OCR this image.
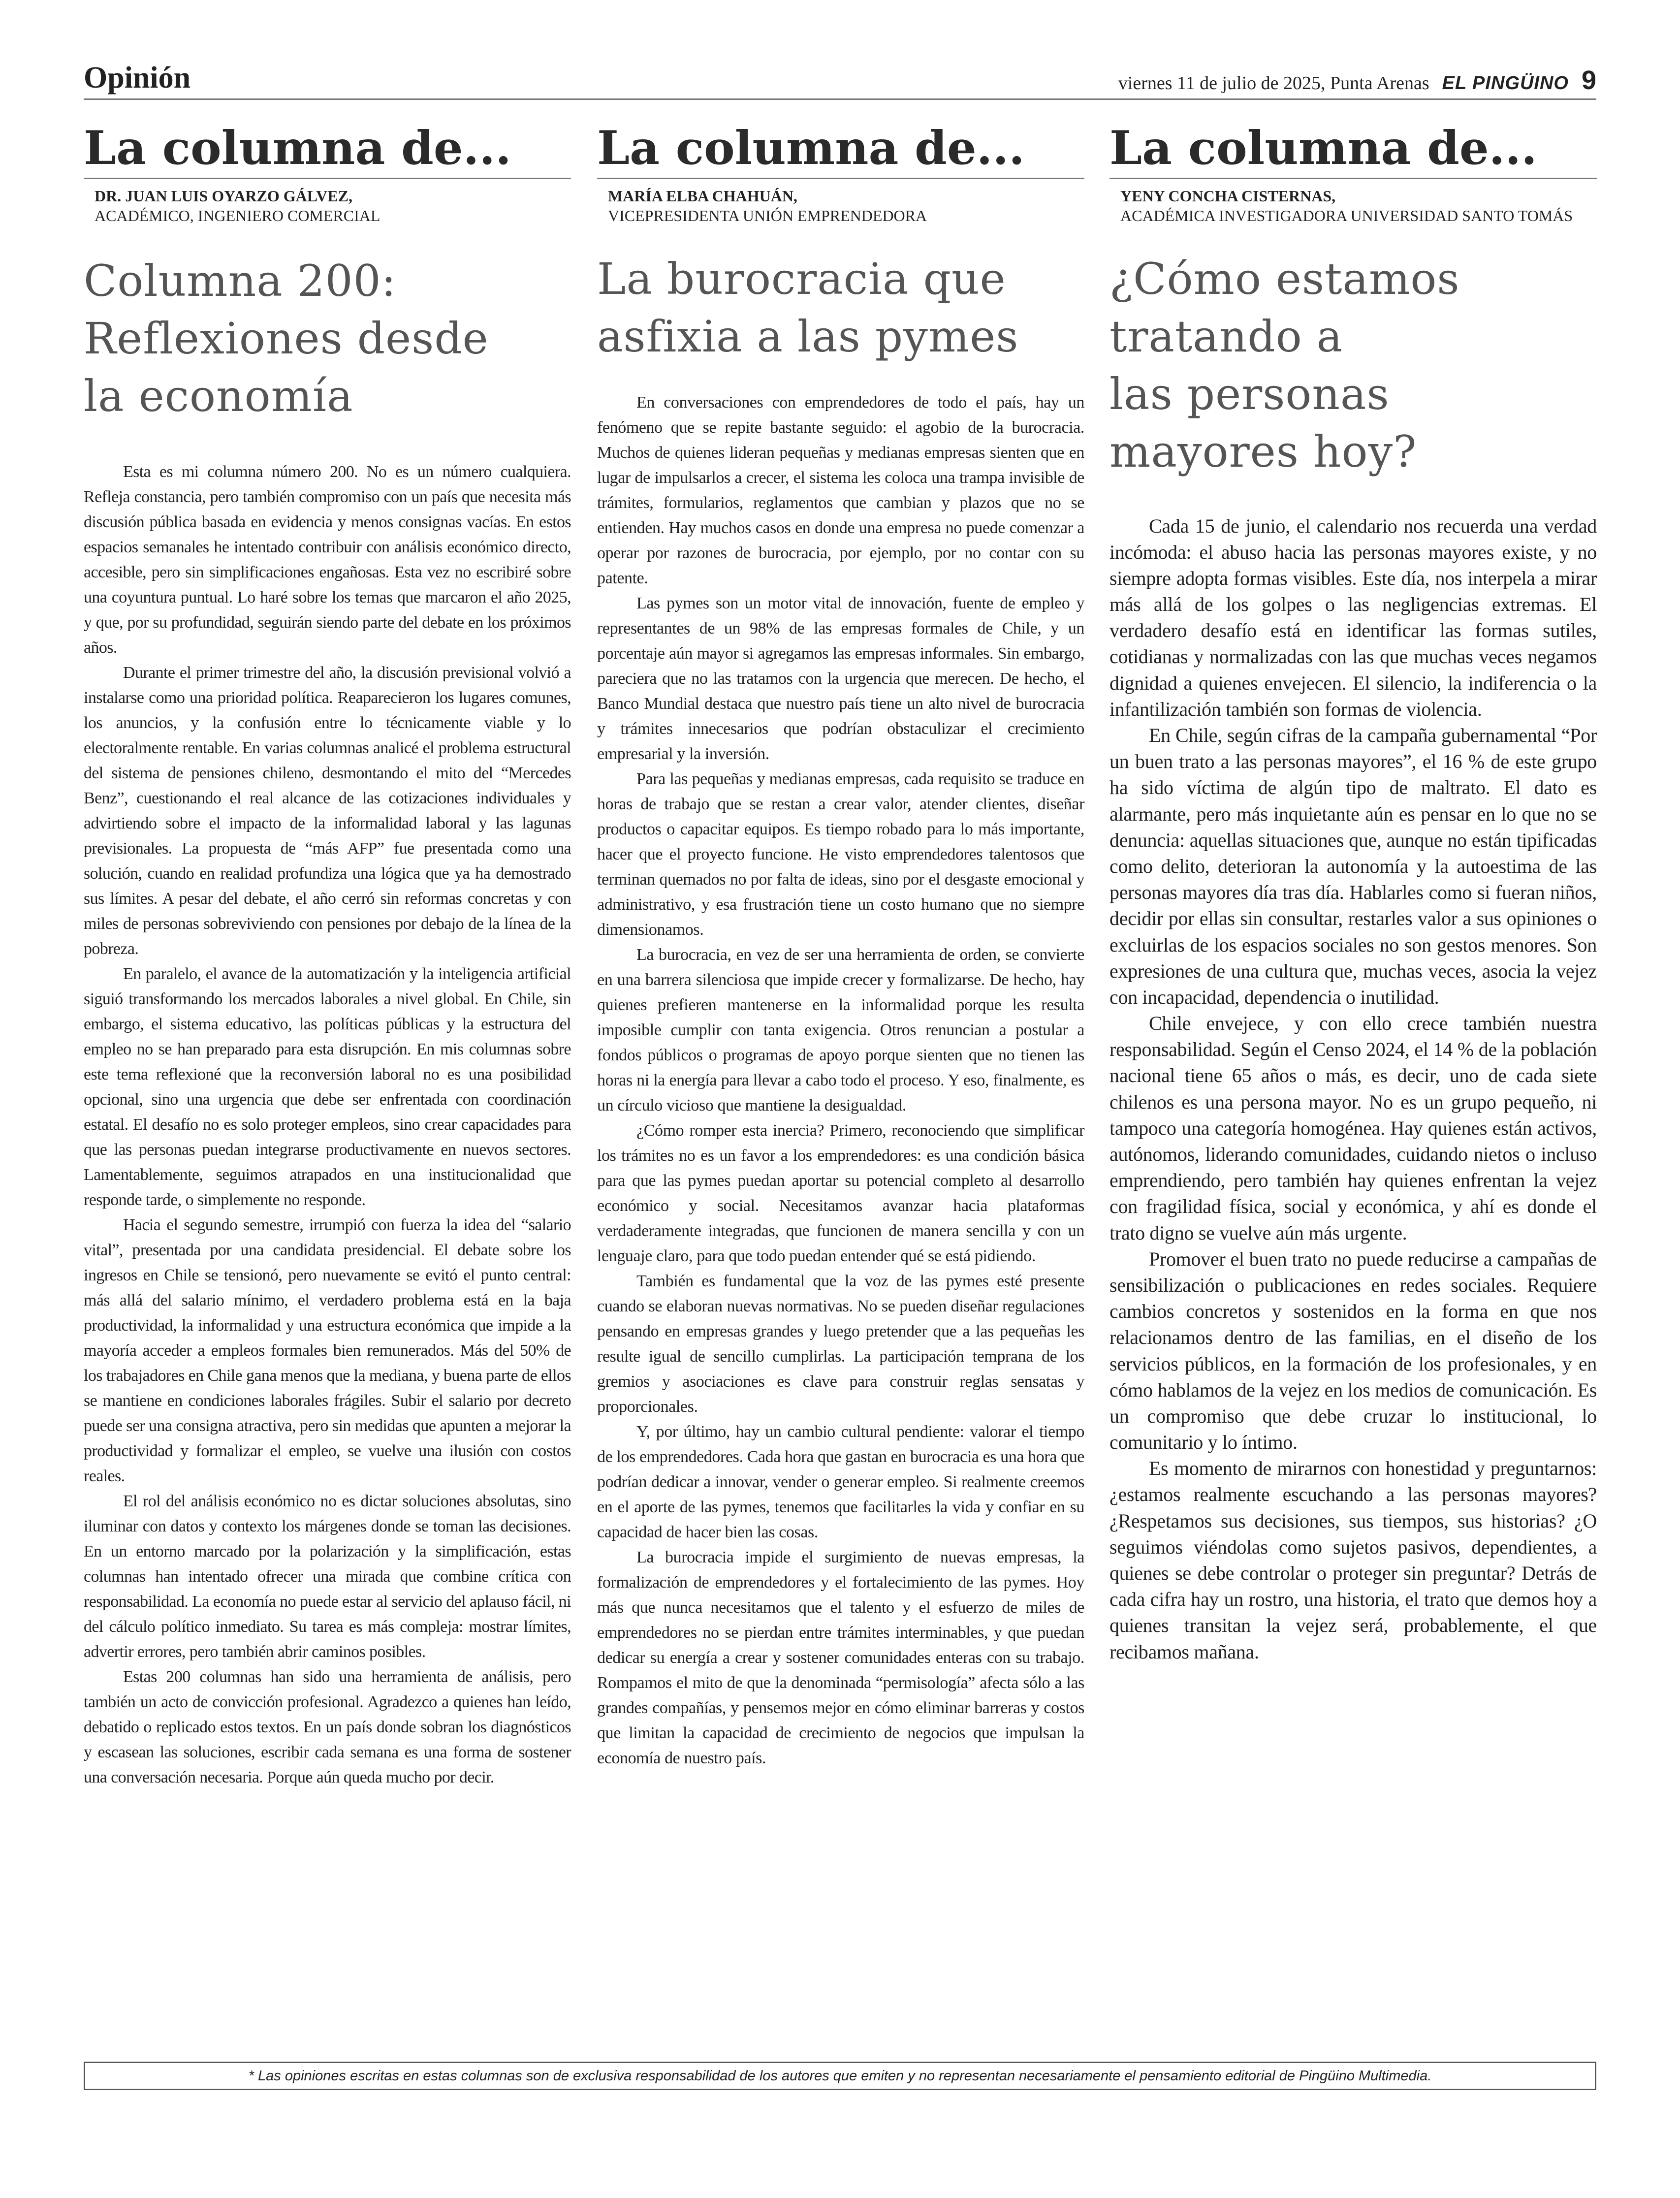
Opinión	viernes 11 de julio de 2025, Punta Arenas EL PINGÜINO 9
La columna de...
DR. JUAN LUIS OYARZO GÁLVEZ,
ACADÉMICO, INGENIERO COMERCIAL
Columna 200:
Reflexiones desde
la economía

Esta es mi columna número 200. No es un número cualquiera. Refleja constancia, pero también compromiso con un país que necesita más discusión pública basada en evidencia y menos consignas vacías. En estos espacios semanales he intentado contribuir con análisis económico directo, accesible, pero sin simplificaciones engañosas. Esta vez no escribiré sobre una coyuntura puntual. Lo haré sobre los temas que marcaron el año 2025, y que, por su profundidad, seguirán siendo parte del debate en los próximos años.

Durante el primer trimestre del año, la discusión previsional volvió a instalarse como una prioridad política. Reaparecieron los lugares comunes, los anuncios, y la confusión entre lo técnicamente viable y lo electoralmente rentable. En varias columnas analicé el problema estructural del sistema de pensiones chileno, desmontando el mito del “Mercedes Benz”, cuestionando el real alcance de las cotizaciones individuales y advirtiendo sobre el impacto de la informalidad laboral y las lagunas previsionales. La propuesta de “más AFP” fue presentada como una solución, cuando en realidad profundiza una lógica que ya ha demostrado sus límites. A pesar del debate, el año cerró sin reformas concretas y con miles de personas sobreviviendo con pensiones por debajo de la línea de la pobreza.

En paralelo, el avance de la automatización y la inteligencia artificial siguió transformando los mercados laborales a nivel global. En Chile, sin embargo, el sistema educativo, las políticas públicas y la estructura del empleo no se han preparado para esta disrupción. En mis columnas sobre este tema reflexioné que la reconversión laboral no es una posibilidad opcional, sino una urgencia que debe ser enfrentada con coordinación estatal. El desafío no es solo proteger empleos, sino crear capacidades para que las personas puedan integrarse productivamente en nuevos sectores. Lamentablemente, seguimos atrapados en una institucionalidad que responde tarde, o simplemente no responde.

Hacia el segundo semestre, irrumpió con fuerza la idea del “salario vital”, presentada por una candidata presidencial. El debate sobre los ingresos en Chile se tensionó, pero nuevamente se evitó el punto central: más allá del salario mínimo, el verdadero problema está en la baja productividad, la informalidad y una estructura económica que impide a la mayoría acceder a empleos formales bien remunerados. Más del 50% de los trabajadores en Chile gana menos que la mediana, y buena parte de ellos se mantiene en condiciones laborales frágiles. Subir el salario por decreto puede ser una consigna atractiva, pero sin medidas que apunten a mejorar la productividad y formalizar el empleo, se vuelve una ilusión con costos reales.

El rol del análisis económico no es dictar soluciones absolutas, sino iluminar con datos y contexto los márgenes donde se toman las decisiones. En un entorno marcado por la polarización y la simplificación, estas columnas han intentado ofrecer una mirada que combine crítica con responsabilidad. La economía no puede estar al servicio del aplauso fácil, ni del cálculo político inmediato. Su tarea es más compleja: mostrar límites, advertir errores, pero también abrir caminos posibles.

Estas 200 columnas han sido una herramienta de análisis, pero también un acto de convicción profesional. Agradezco a quienes han leído, debatido o replicado estos textos. En un país donde sobran los diagnósticos y escasean las soluciones, escribir cada semana es una forma de sostener una conversación necesaria. Porque aún queda mucho por decir.

La columna de...
MARÍA ELBA CHAHUÁN,
VICEPRESIDENTA UNIÓN EMPRENDEDORA
La burocracia que
asfixia a las pymes

En conversaciones con emprendedores de todo el país, hay un fenómeno que se repite bastante seguido: el agobio de la burocracia. Muchos de quienes lideran pequeñas y medianas empresas sienten que en lugar de impulsarlos a crecer, el sistema les coloca una trampa invisible de trámites, formularios, reglamentos que cambian y plazos que no se entienden. Hay muchos casos en donde una empresa no puede comenzar a operar por razones de burocracia, por ejemplo, por no contar con su patente.

Las pymes son un motor vital de innovación, fuente de empleo y representantes de un 98% de las empresas formales de Chile, y un porcentaje aún mayor si agregamos las empresas informales. Sin embargo, pareciera que no las tratamos con la urgencia que merecen. De hecho, el Banco Mundial destaca que nuestro país tiene un alto nivel de burocracia y trámites innecesarios que podrían obstaculizar el crecimiento empresarial y la inversión.

Para las pequeñas y medianas empresas, cada requisito se traduce en horas de trabajo que se restan a crear valor, atender clientes, diseñar productos o capacitar equipos. Es tiempo robado para lo más importante, hacer que el proyecto funcione. He visto emprendedores talentosos que terminan quemados no por falta de ideas, sino por el desgaste emocional y administrativo, y esa frustración tiene un costo humano que no siempre dimensionamos.

La burocracia, en vez de ser una herramienta de orden, se convierte en una barrera silenciosa que impide crecer y formalizarse. De hecho, hay quienes prefieren mantenerse en la informalidad porque les resulta imposible cumplir con tanta exigencia. Otros renuncian a postular a fondos públicos o programas de apoyo porque sienten que no tienen las horas ni la energía para llevar a cabo todo el proceso. Y eso, finalmente, es un círculo vicioso que mantiene la desigualdad.

¿Cómo romper esta inercia? Primero, reconociendo que simplificar los trámites no es un favor a los emprendedores: es una condición básica para que las pymes puedan aportar su potencial completo al desarrollo económico y social. Necesitamos avanzar hacia plataformas verdaderamente integradas, que funcionen de manera sencilla y con un lenguaje claro, para que todo puedan entender qué se está pidiendo.

También es fundamental que la voz de las pymes esté presente cuando se elaboran nuevas normativas. No se pueden diseñar regulaciones pensando en empresas grandes y luego pretender que a las pequeñas les resulte igual de sencillo cumplirlas. La participación temprana de los gremios y asociaciones es clave para construir reglas sensatas y proporcionales.

Y, por último, hay un cambio cultural pendiente: valorar el tiempo de los emprendedores. Cada hora que gastan en burocracia es una hora que podrían dedicar a innovar, vender o generar empleo. Si realmente creemos en el aporte de las pymes, tenemos que facilitarles la vida y confiar en su capacidad de hacer bien las cosas.

La burocracia impide el surgimiento de nuevas empresas, la formalización de emprendedores y el fortalecimiento de las pymes. Hoy más que nunca necesitamos que el talento y el esfuerzo de miles de emprendedores no se pierdan entre trámites interminables, y que puedan dedicar su energía a crear y sostener comunidades enteras con su trabajo. Rompamos el mito de que la denominada “permisología” afecta sólo a las grandes compañías, y pensemos mejor en cómo eliminar barreras y costos que limitan la capacidad de crecimiento de negocios que impulsan la economía de nuestro país.

La columna de...
YENY CONCHA CISTERNAS,
ACADÉMICA INVESTIGADORA UNIVERSIDAD SANTO TOMÁS
¿Cómo estamos
tratando a
las personas
mayores hoy?

Cada 15 de junio, el calendario nos recuerda una verdad incómoda: el abuso hacia las personas mayores existe, y no siempre adopta formas visibles. Este día, nos interpela a mirar más allá de los golpes o las negligencias extremas. El verdadero desafío está en identificar las formas sutiles, cotidianas y normalizadas con las que muchas veces negamos dignidad a quienes envejecen. El silencio, la indiferencia o la infantilización también son formas de violencia.

En Chile, según cifras de la campaña gubernamental “Por un buen trato a las personas mayores”, el 16 % de este grupo ha sido víctima de algún tipo de maltrato. El dato es alarmante, pero más inquietante aún es pensar en lo que no se denuncia: aquellas situaciones que, aunque no están tipificadas como delito, deterioran la autonomía y la autoestima de las personas mayores día tras día. Hablarles como si fueran niños, decidir por ellas sin consultar, restarles valor a sus opiniones o excluirlas de los espacios sociales no son gestos menores. Son expresiones de una cultura que, muchas veces, asocia la vejez con incapacidad, dependencia o inutilidad.

Chile envejece, y con ello crece también nuestra responsabilidad. Según el Censo 2024, el 14 % de la población nacional tiene 65 años o más, es decir, uno de cada siete chilenos es una persona mayor. No es un grupo pequeño, ni tampoco una categoría homogénea. Hay quienes están activos, autónomos, liderando comunidades, cuidando nietos o incluso emprendiendo, pero también hay quienes enfrentan la vejez con fragilidad física, social y económica, y ahí es donde el trato digno se vuelve aún más urgente.

Promover el buen trato no puede reducirse a campañas de sensibilización o publicaciones en redes sociales. Requiere cambios concretos y sostenidos en la forma en que nos relacionamos dentro de las familias, en el diseño de los servicios públicos, en la formación de los profesionales, y en cómo hablamos de la vejez en los medios de comunicación. Es un compromiso que debe cruzar lo institucional, lo comunitario y lo íntimo.

Es momento de mirarnos con honestidad y preguntarnos: ¿estamos realmente escuchando a las personas mayores? ¿Respetamos sus decisiones, sus tiempos, sus historias? ¿O seguimos viéndolas como sujetos pasivos, dependientes, a quienes se debe controlar o proteger sin preguntar? Detrás de cada cifra hay un rostro, una historia, el trato que demos hoy a quienes transitan la vejez será, probablemente, el que recibamos mañana.

* Las opiniones escritas en estas columnas son de exclusiva responsabilidad de los autores que emiten y no representan necesariamente el pensamiento editorial de Pingüino Multimedia.
